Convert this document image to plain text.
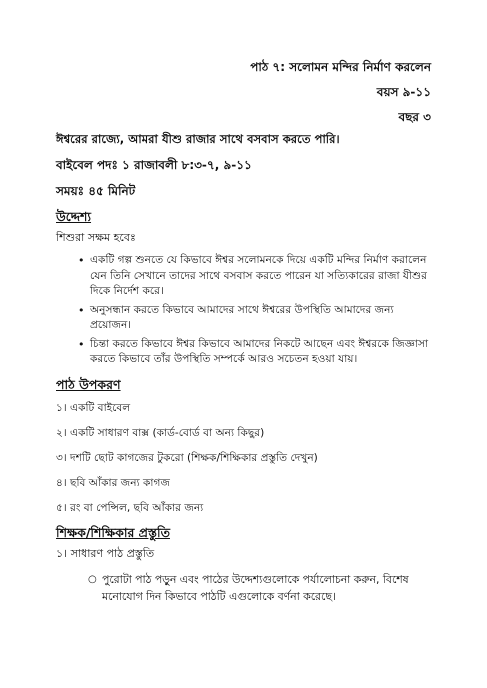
পাঠ ৭: সলোমন মন্দির নির্মাণ করলেন
বয়স ৯-১১
বছর ৩
ঈশ্বরের রাজ্যে, আমরা যীশু রাজার সাথে বসবাস করতে পারি।
বাইবেল পদঃ ১ রাজাবলী ৮:৩-৭, ৯-১১
সময়ঃ ৪৫ মিনিট
উদ্দেশ্য
শিশুরা সক্ষম হবেঃ
• একটি গল্প শুনতে যে কিভাবে ঈশ্বর সলোমনকে দিয়ে একটি মন্দির নির্মাণ করালেন যেন তিনি সেখানে তাদের সাথে বসবাস করতে পারেন যা সত্যিকারের রাজা যীশুর দিকে নির্দেশ করে।
• অনুসন্ধান করতে কিভাবে আমাদের সাথে ঈশ্বরের উপস্থিতি আমাদের জন্য প্রয়োজন।
• চিন্তা করতে কিভাবে ঈশ্বর কিভাবে আমাদের নিকটে আছেন এবং ঈশ্বরকে জিজ্ঞাসা করতে কিভাবে তাঁর উপস্থিতি সম্পর্কে আরও সচেতন হওয়া যায়।
পাঠ উপকরণ
১। একটি বাইবেল
২। একটি সাধারণ বাক্স (কার্ড-বোর্ড বা অন্য কিছুর)
৩। দশটি ছোট কাগজের টুকরো (শিক্ষক/শিক্ষিকার প্রস্তুতি দেখুন)
৪। ছবি আঁকার জন্য কাগজ
৫। রং বা পেন্সিল, ছবি আঁকার জন্য
শিক্ষক/শিক্ষিকার প্রস্তুতি
১। সাধারণ পাঠ প্রস্তুতি
○ পুরোটা পাঠ পড়ুন এবং পাঠের উদ্দেশ্যগুলোকে পর্যালোচনা করুন, বিশেষ মনোযোগ দিন কিভাবে পাঠটি এগুলোকে বর্ণনা করেছে।
